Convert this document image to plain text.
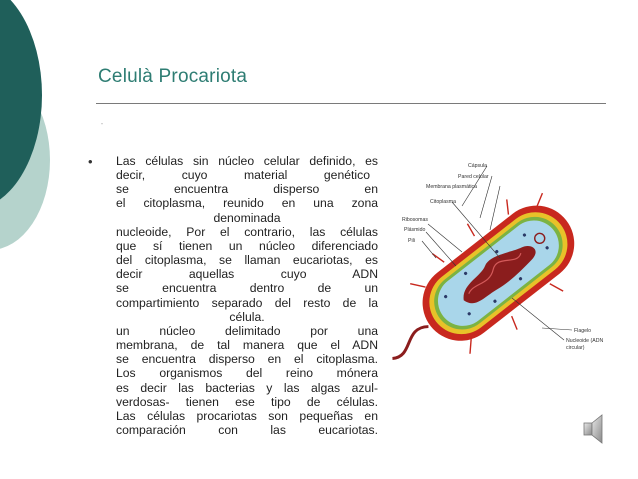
Celulà Procariota
¨
• Las células sin núcleo celular definido, es
decir, cuyo material genético
se encuentra disperso en
el citoplasma, reunido en una zona
denominada
nucleoide, Por el contrario, las células
que sí tienen un núcleo diferenciado
del citoplasma, se llaman eucariotas, es
decir aquellas cuyo ADN
se encuentra dentro de un
compartimiento separado del resto de la
célula.
un núcleo delimitado por una
membrana, de tal manera que el ADN
se encuentra disperso en el citoplasma.
Los organismos del reino mónera
es decir las bacterias y las algas azul-
verdosas- tienen ese tipo de células.
Las células procariotas son pequeñas en
comparación con las eucariotas.
Cápsula
Pared celular
Membrana plasmática
Citoplasma
Ribosomas
Plásmido
Pili
Flagelo
Nucleoide (ADN
circular)
